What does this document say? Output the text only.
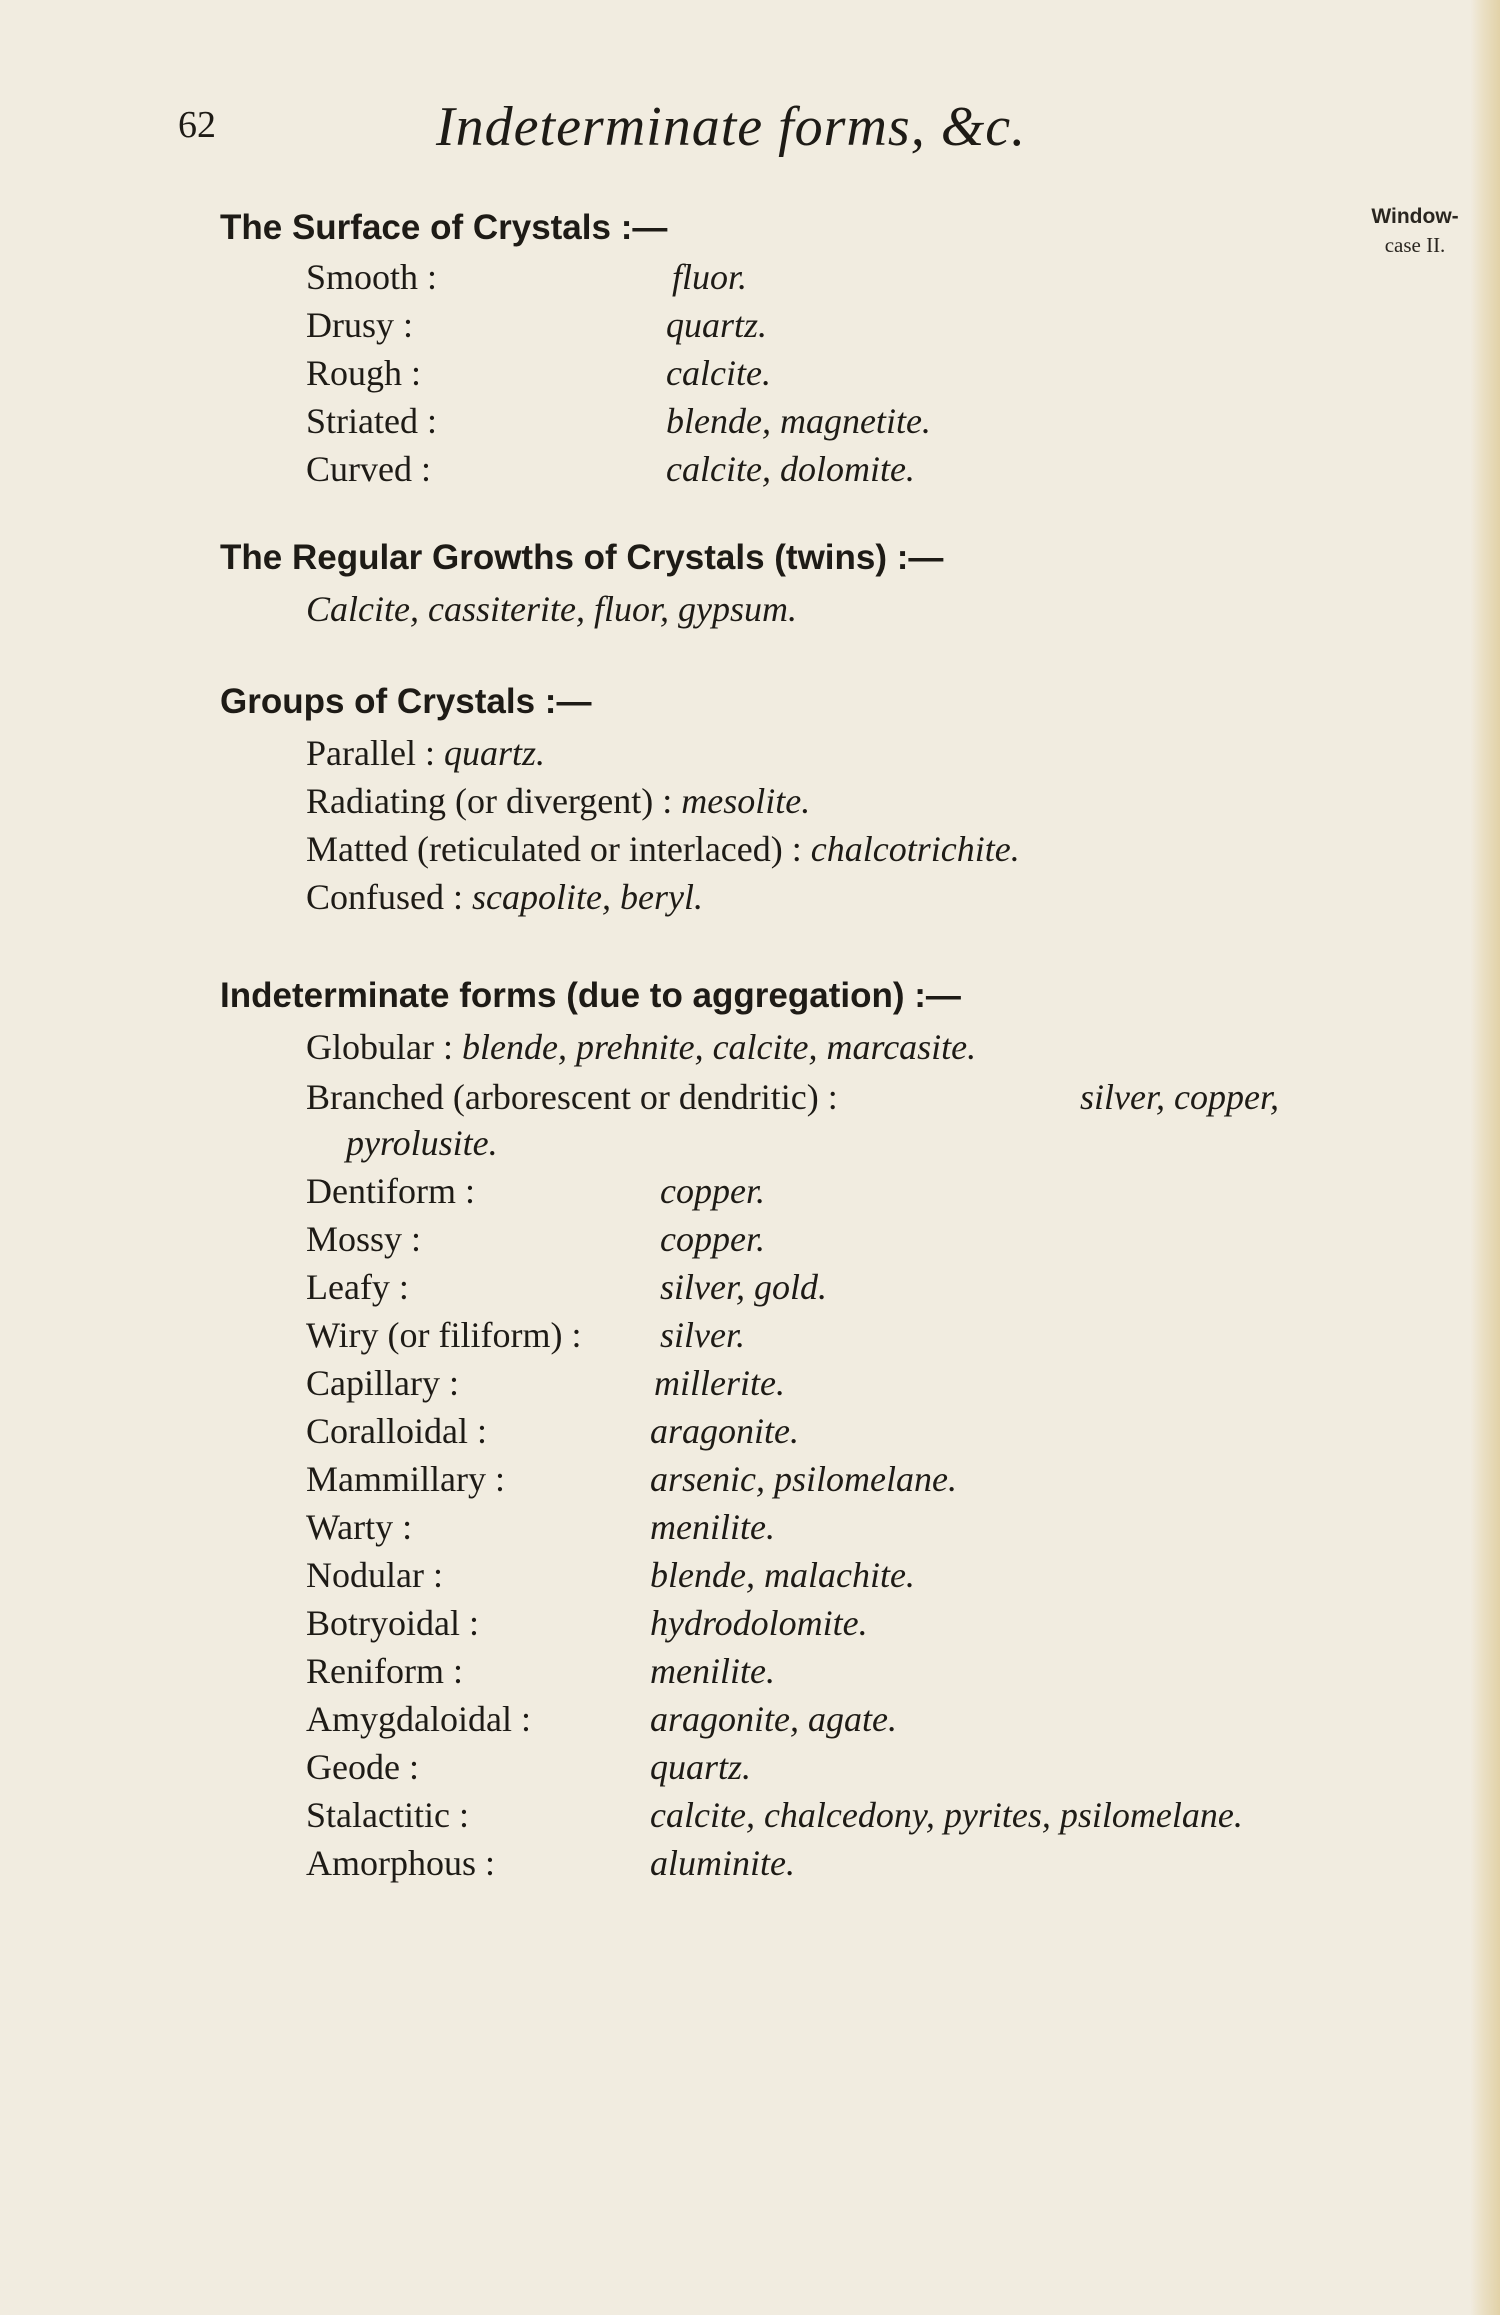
62	Indeterminate forms, &c.
Window-
case II.
The Surface of Crystals :—
Smooth :	fluor.
Drusy :	quartz.
Rough :	calcite.
Striated :	blende, magnetite.
Curved :	calcite, dolomite.
The Regular Growths of Crystals (twins) :—
Calcite, cassiterite, fluor, gypsum.
Groups of Crystals :—
Parallel : quartz.
Radiating (or divergent) : mesolite.
Matted (reticulated or interlaced) : chalcotrichite.
Confused : scapolite, beryl.
Indeterminate forms (due to aggregation) :—
Globular : blende, prehnite, calcite, marcasite.
Branched (arborescent or dendritic) :	silver, copper,
pyrolusite.
Dentiform :	copper.
Mossy :	copper.
Leafy :	silver, gold.
Wiry (or filiform) : silver.
Capillary :	millerite.
Coralloidal :	aragonite.
Mammillary :	arsenic, psilomelane.
Warty :	menilite.
Nodular :	blende, malachite.
Botryoidal :	hydrodolomite.
Reniform :	menilite.
Amygdaloidal :	aragonite, agate.
Geode :	quartz.
Stalactitic :	calcite, chalcedony, pyrites, psilomelane.
Amorphous :	aluminite.
